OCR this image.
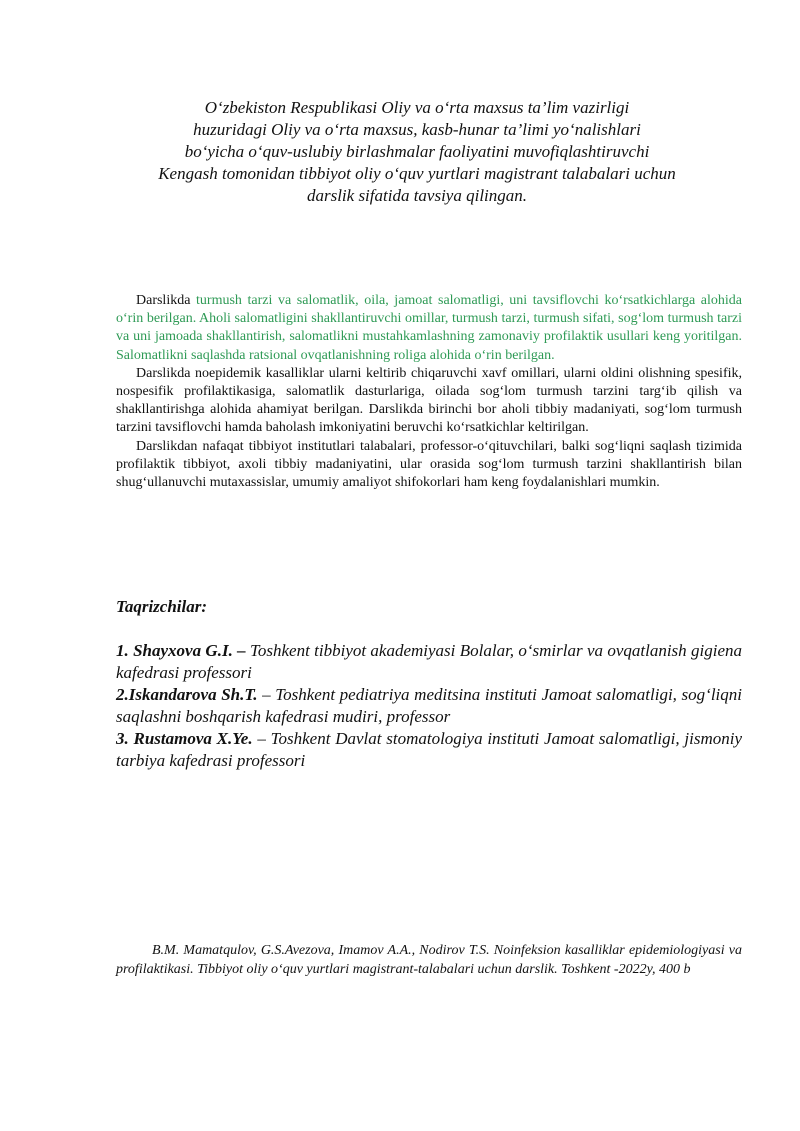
O‘zbekiston Respublikasi Oliy va o‘rta maxsus ta’lim vazirligi
huzuridagi Oliy va o‘rta maxsus, kasb-hunar ta’limi yo‘nalishlari
bo‘yicha o‘quv-uslubiy birlashmalar faoliyatini muvofiqlashtiruvchi
Kengash tomonidan tibbiyot oliy o‘quv yurtlari magistrant talabalari uchun
darslik sifatida tavsiya qilingan.

Darslikda turmush tarzi va salomatlik, oila, jamoat salomatligi, uni tavsiflovchi ko‘rsatkichlarga alohida o‘rin berilgan. Aholi salomatligini shakllantiruvchi omillar, turmush tarzi, turmush sifati, sog‘lom turmush tarzi va uni jamoada shakllantirish, salomatlikni mustahkamlashning zamonaviy profilaktik usullari keng yoritilgan. Salomatlikni saqlashda ratsional ovqatlanishning roliga alohida o‘rin berilgan.

Darslikda noepidemik kasalliklar ularni keltirib chiqaruvchi xavf omillari, ularni oldini olishning spesifik, nospesifik profilaktikasiga, salomatlik dasturlariga, oilada sog‘lom turmush tarzini targ‘ib qilish va shakllantirishga alohida ahamiyat berilgan. Darslikda birinchi bor aholi tibbiy madaniyati, sog‘lom turmush tarzini tavsiflovchi hamda baholash imkoniyatini beruvchi ko‘rsatkichlar keltirilgan.

Darslikdan nafaqat tibbiyot institutlari talabalari, professor-o‘qituvchilari, balki sog‘liqni saqlash tizimida profilaktik tibbiyot, axoli tibbiy madaniyatini, ular orasida sog‘lom turmush tarzini shakllantirish bilan shug‘ullanuvchi mutaxassislar, umumiy amaliyot shifokorlari ham keng foydalanishlari mumkin.

Taqrizchilar:

1. Shayxova G.I. – Toshkent tibbiyot akademiyasi Bolalar, o‘smirlar va ovqatlanish gigiena kafedrasi professori

2.Iskandarova Sh.T. – Toshkent pediatriya meditsina instituti Jamoat salomatligi, sog‘liqni saqlashni boshqarish kafedrasi mudiri, professor

3. Rustamova X.Ye. – Toshkent Davlat stomatologiya instituti Jamoat salomatligi, jismoniy tarbiya kafedrasi professori

B.M. Mamatqulov, G.S.Avezova, Imamov A.A., Nodirov T.S. Noinfeksion kasalliklar epidemiologiyasi va profilaktikasi. Tibbiyot oliy o‘quv yurtlari magistrant-talabalari uchun darslik. Toshkent -2022y, 400 b
